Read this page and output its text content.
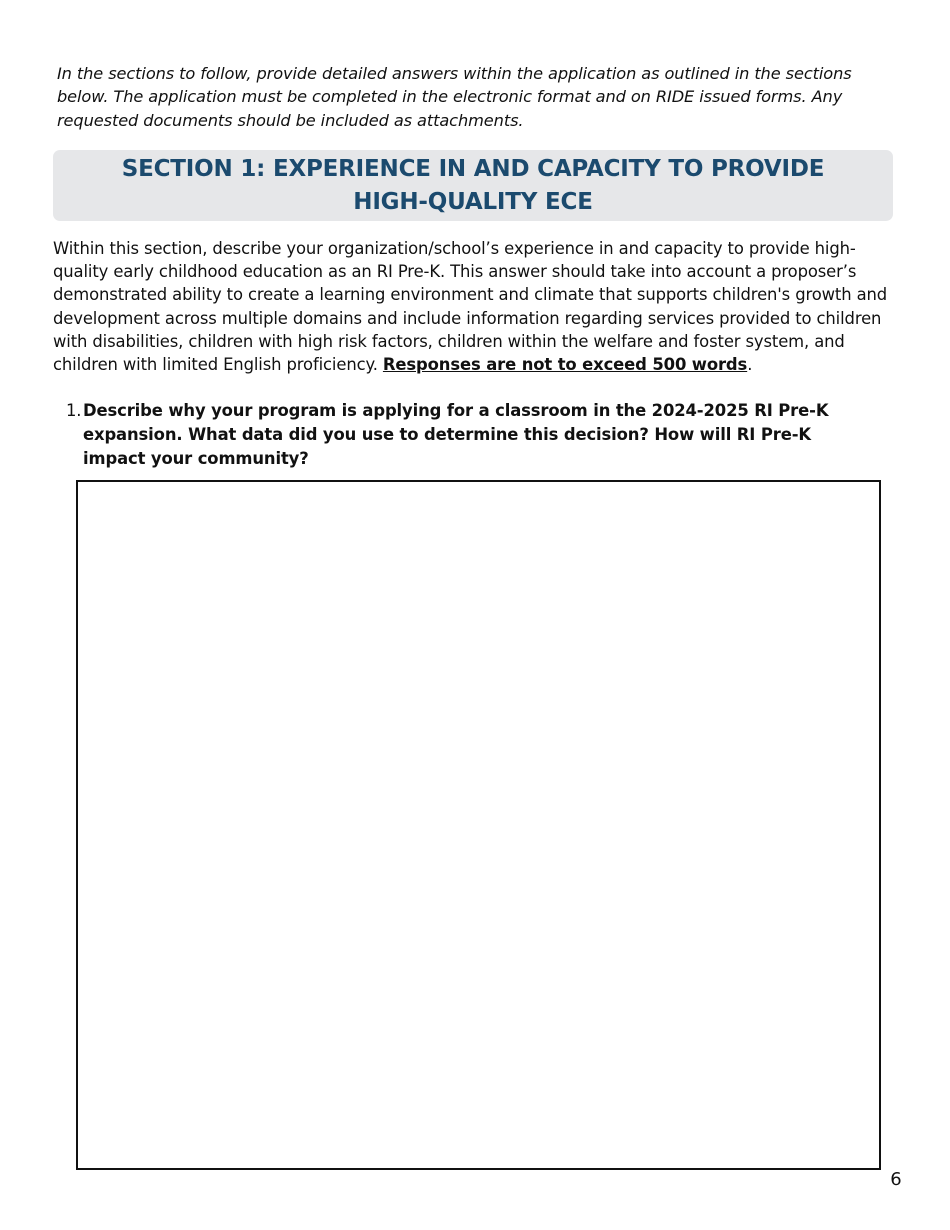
In the sections to follow, provide detailed answers within the application as outlined in the sections below. The application must be completed in the electronic format and on RIDE issued forms. Any requested documents should be included as attachments.

SECTION 1: EXPERIENCE IN AND CAPACITY TO PROVIDE
HIGH-QUALITY ECE

Within this section, describe your organization/school’s experience in and capacity to provide high-quality early childhood education as an RI Pre-K. This answer should take into account a proposer’s demonstrated ability to create a learning environment and climate that supports children's growth and development across multiple domains and include information regarding services provided to children with disabilities, children with high risk factors, children within the welfare and foster system, and children with limited English proficiency. Responses are not to exceed 500 words.

1. Describe why your program is applying for a classroom in the 2024-2025 RI Pre-K expansion. What data did you use to determine this decision? How will RI Pre-K impact your community?
6
